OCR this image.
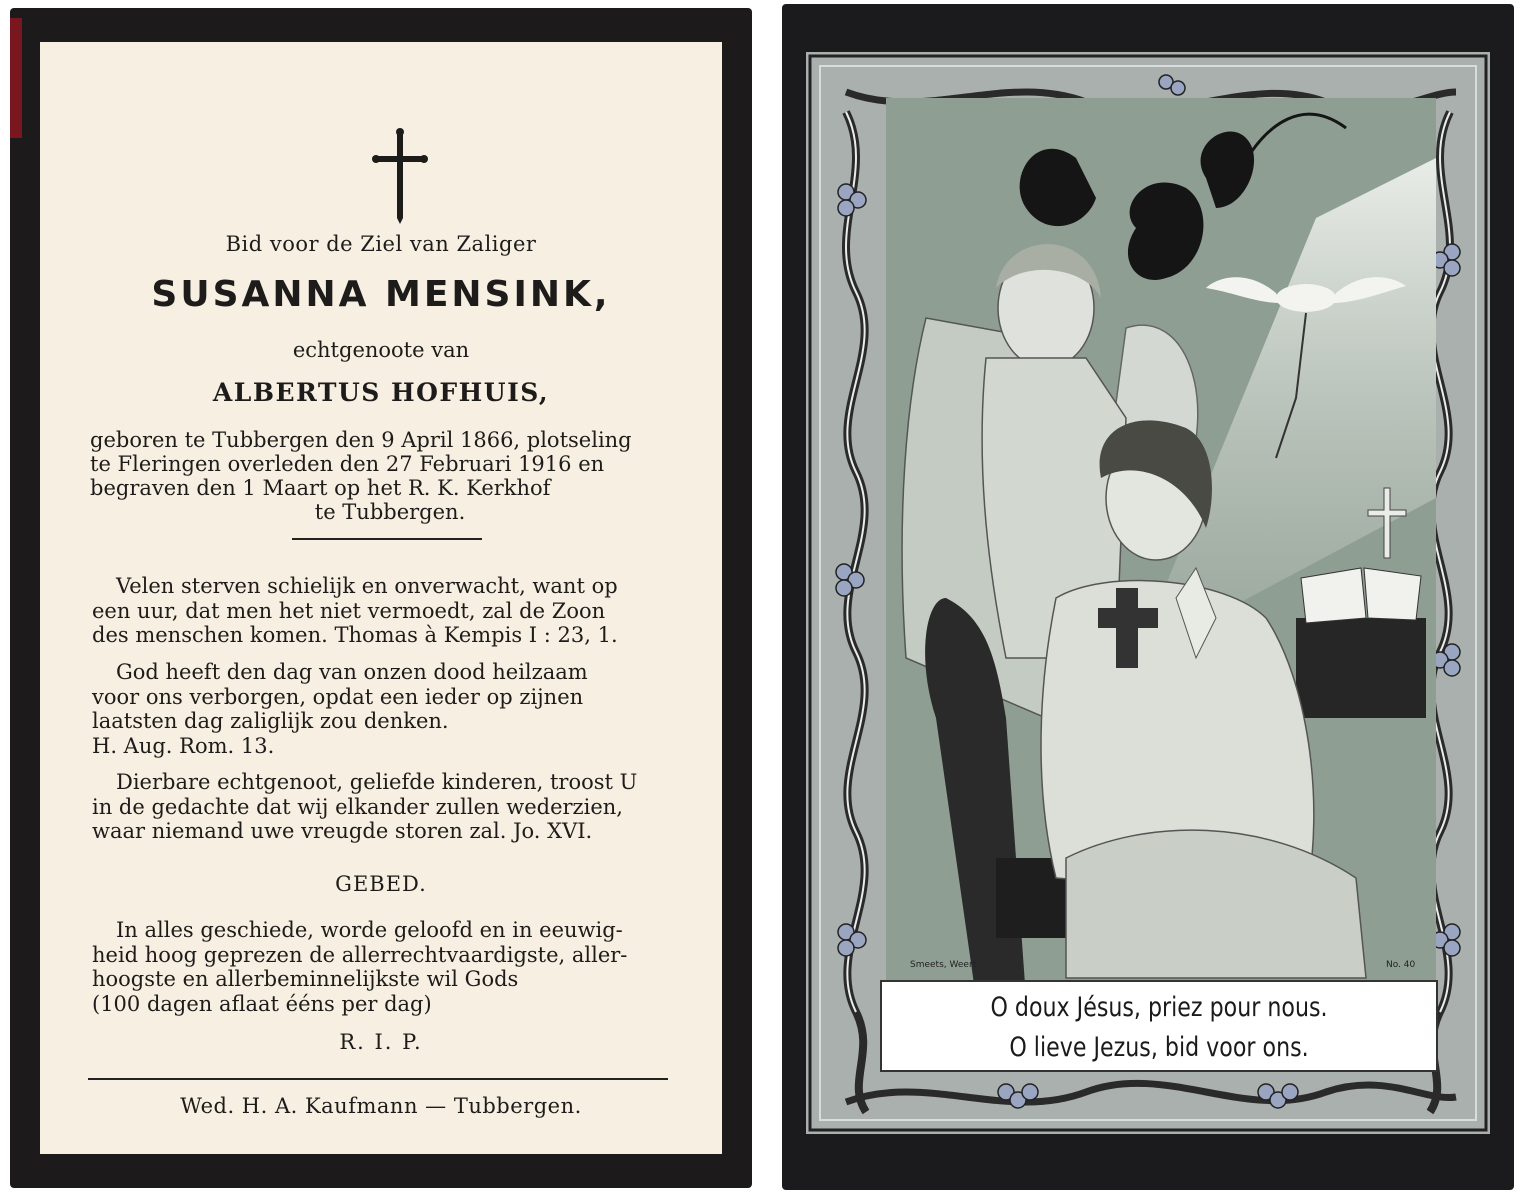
Bid voor de Ziel van Zaliger
SUSANNA MENSINK,
echtgenoote van
ALBERTUS HOFHUIS,
geboren te Tubbergen den 9 April 1866, plotseling
te Fleringen overleden den 27 Februari 1916 en
begraven den 1 Maart op het R. K. Kerkhof
te Tubbergen.
Velen sterven schielijk en onverwacht, want op
een uur, dat men het niet vermoedt, zal de Zoon
des menschen komen. Thomas à Kempis I : 23, 1.
God heeft den dag van onzen dood heilzaam
voor ons verborgen, opdat een ieder op zijnen
laatsten dag zaliglijk zou denken.
H. Aug. Rom. 13.
Dierbare echtgenoot, geliefde kinderen, troost U
in de gedachte dat wij elkander zullen wederzien,
waar niemand uwe vreugde storen zal. Jo. XVI.
GEBED.
In alles geschiede, worde geloofd en in eeuwig-
heid hoog geprezen de allerrechtvaardigste, aller-
hoogste en allerbeminnelijkste wil Gods
(100 dagen aflaat ééns per dag)
R. I. P.
Wed. H. A. Kaufmann — Tubbergen.
Smeets, Weert.	No. 40
O doux Jésus, priez pour nous.
O lieve Jezus, bid voor ons.
